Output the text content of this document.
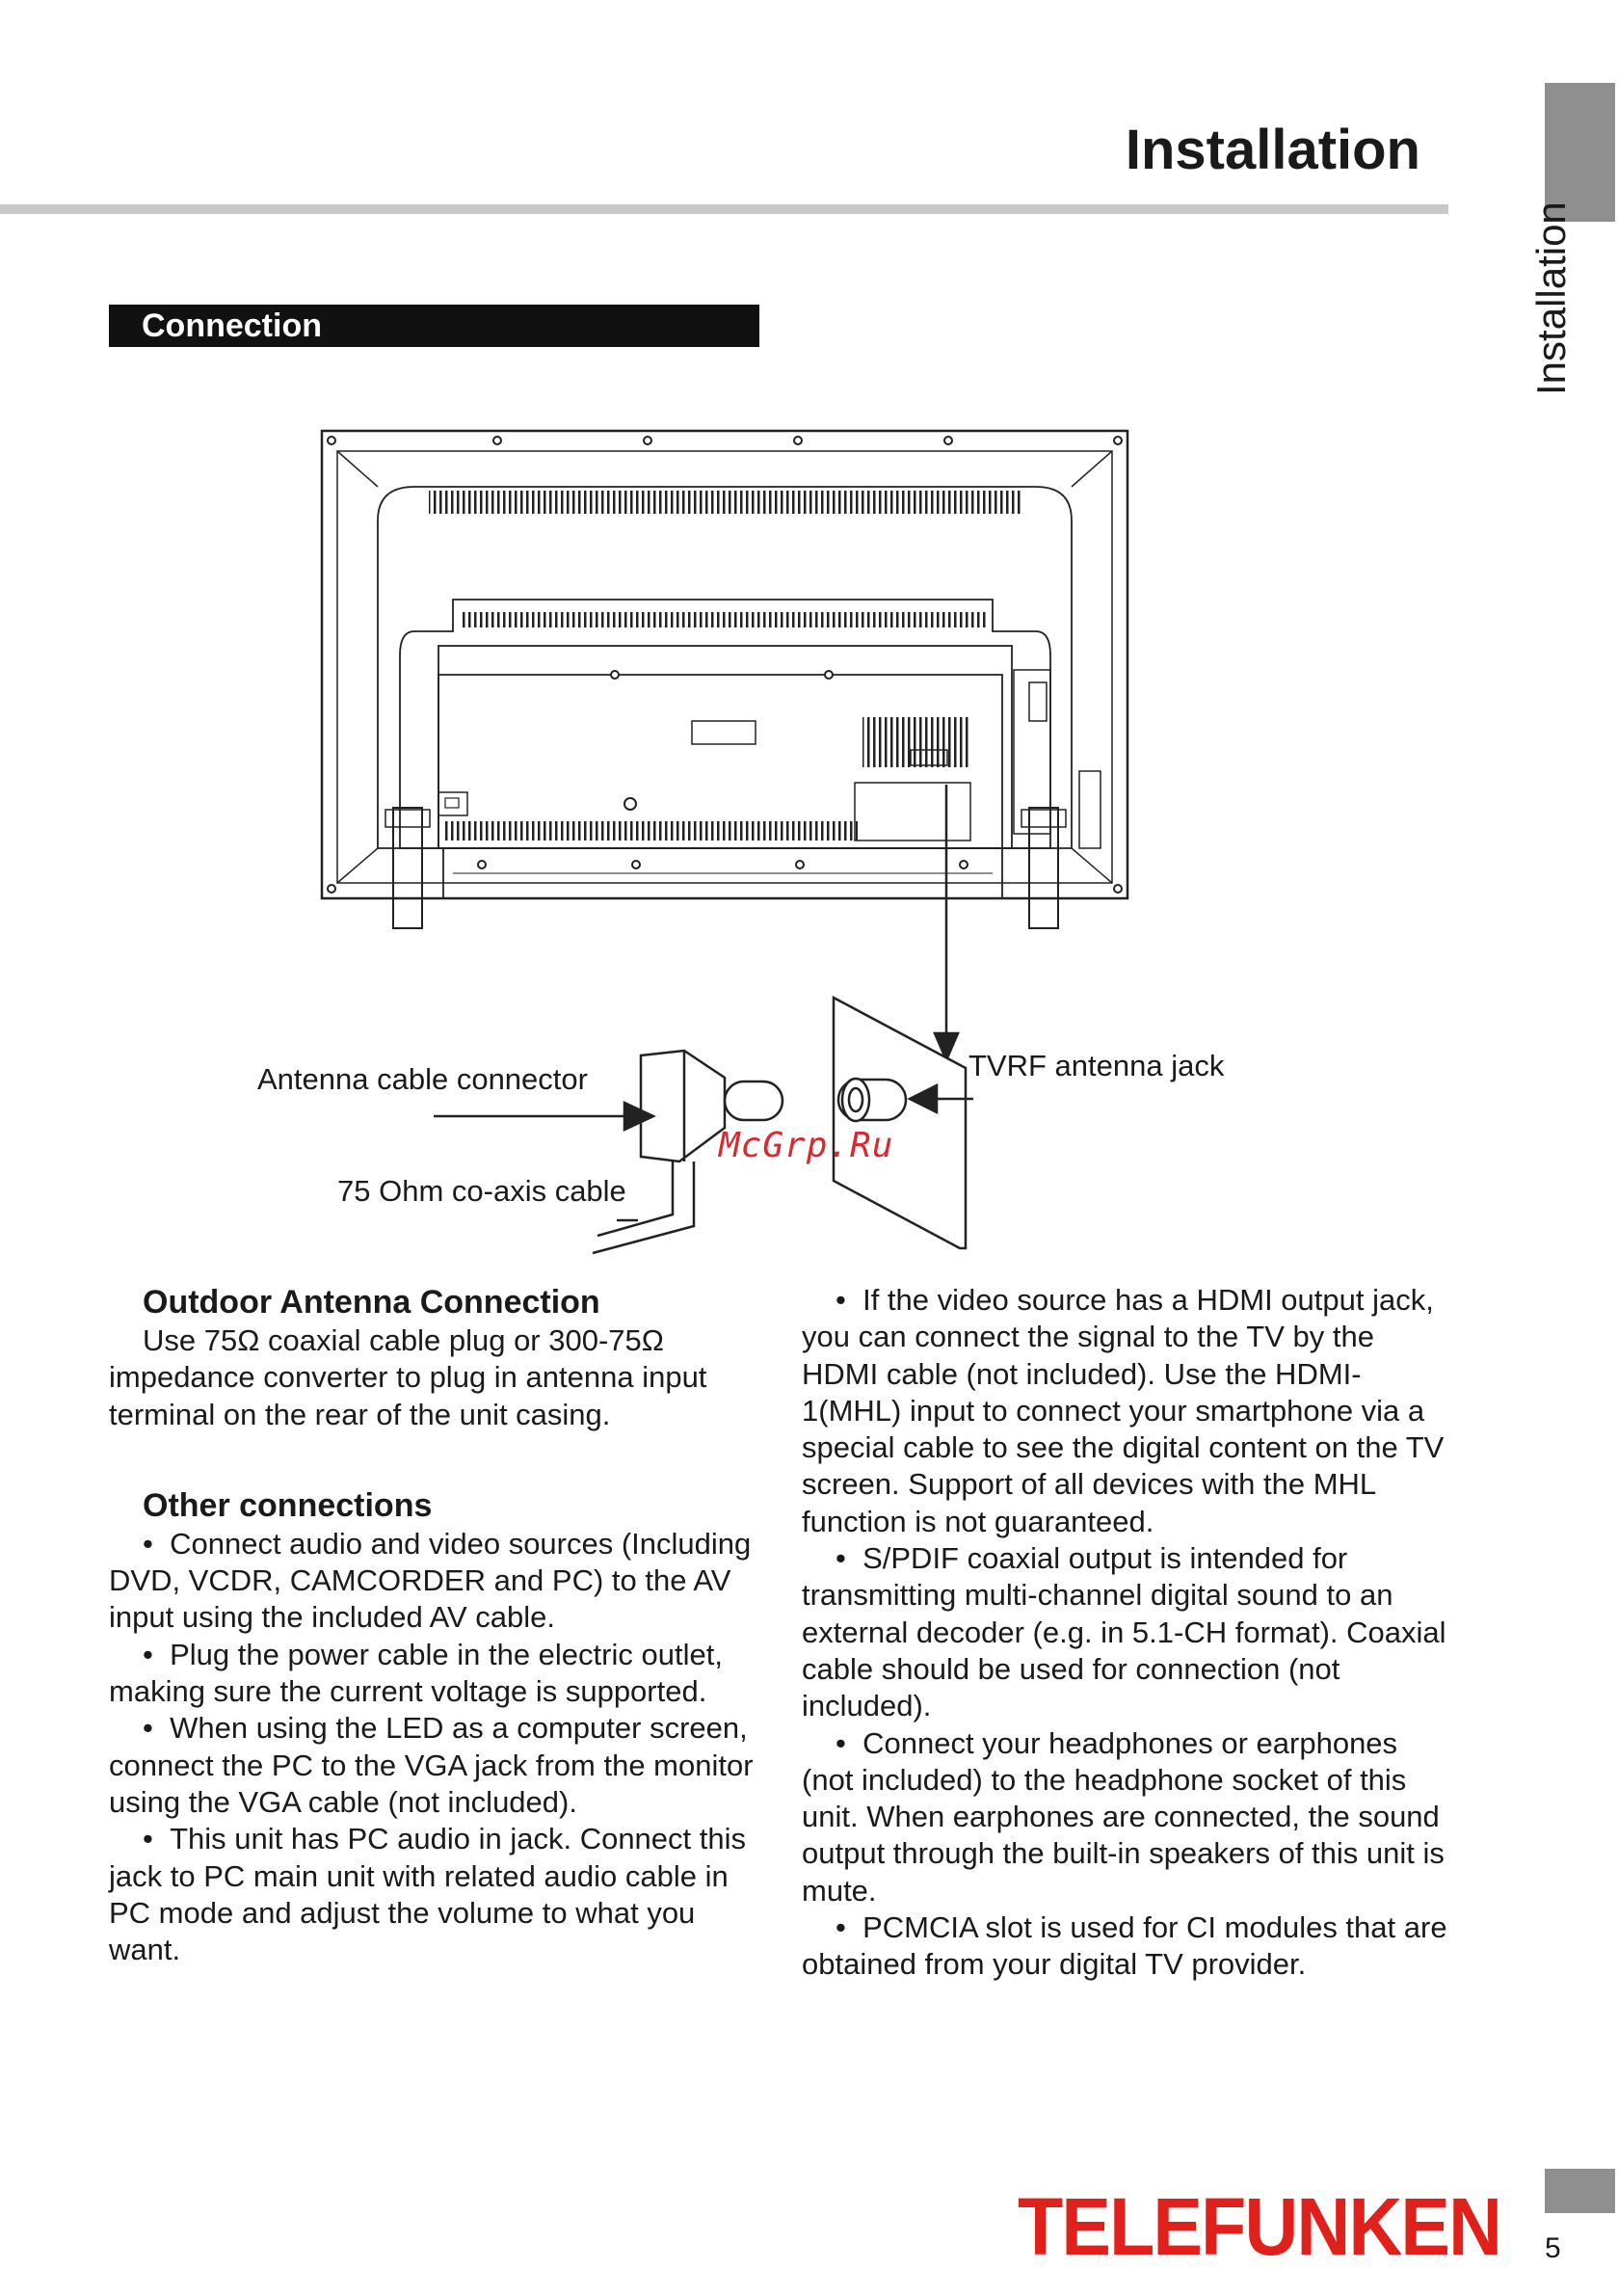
Installation
Installation
Connection
Antenna cable connector
75 Ohm co-axis cable
TVRF antenna jack
McGrp.Ru
Outdoor Antenna Connection

Use 75Ω coaxial cable plug or 300-75Ω impedance converter to plug in antenna input terminal on the rear of the unit casing.

Other connections

•  Connect audio and video sources (Including DVD, VCDR, CAMCORDER and PC) to the AV input using the included AV cable.

•  Plug the power cable in the electric outlet, making sure the current voltage is supported.

•  When using the LED as a computer screen, connect the PC to the VGA jack from the monitor using the VGA cable (not included).

•  This unit has PC audio in jack. Connect this jack to PC main unit with related audio cable in PC mode and adjust the volume to what you want.

•  If the video source has a HDMI output jack, you can connect the signal to the TV by the HDMI cable (not included). Use the HDMI-1(MHL) input to connect your smartphone via a special cable to see the digital content on the TV screen. Support of all devices with the MHL function is not guaranteed.

•  S/PDIF coaxial output is intended for transmitting multi-channel digital sound to an external decoder (e.g. in 5.1-CH format). Coaxial cable should be used for connection (not included).

•  Connect your headphones or earphones (not included) to the headphone socket of this unit. When earphones are connected, the sound output through the built-in speakers of this unit is mute.

•  PCMCIA slot is used for CI modules that are obtained from your digital TV provider.

TELEFUNKEN 5
